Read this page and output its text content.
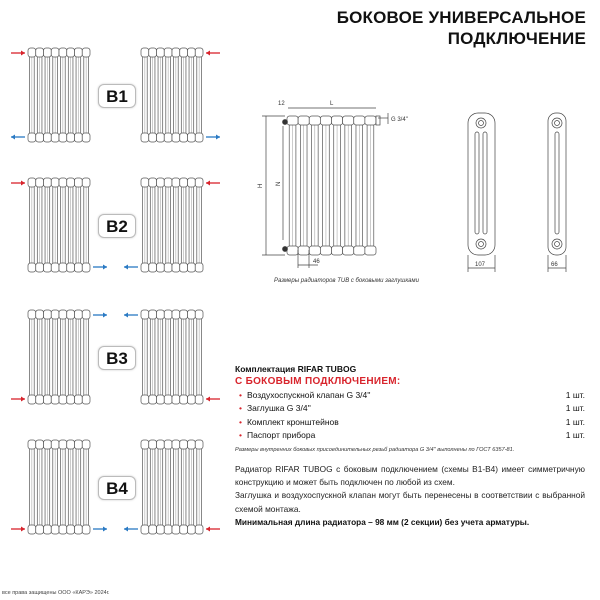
БОКОВОЕ УНИВЕРСАЛЬНОЕ
ПОДКЛЮЧЕНИЕ
B1
B2
B3
B4
12	L
H N
46
G 3/4''
107	66
Размеры радиаторов TUB с боковыми заглушками
Комплектация RIFAR TUBOG
С БОКОВЫМ ПОДКЛЮЧЕНИЕМ:
• Воздухоспускной клапан G 3/4''	1 шт.
• Заглушка G 3/4''	1 шт.
• Комплект кронштейнов	1 шт.
• Паспорт прибора	1 шт.
Размеры внутренних боковых присоединительных резьб радиатора G 3/4'' выполнены по ГОСТ 6357-81.
Радиатор RIFAR TUBOG с боковым подключением (схемы B1-B4) имеет симметричную конструкцию и может быть подключен по любой из схем.
Заглушка и воздухоспускной клапан могут быть перенесены в соответствии с выбранной схемой монтажа.
Минимальная длина радиатора – 98 мм (2 секции) без учета арматуры.
все права защищены ООО «КАРЭ» 2024г.
